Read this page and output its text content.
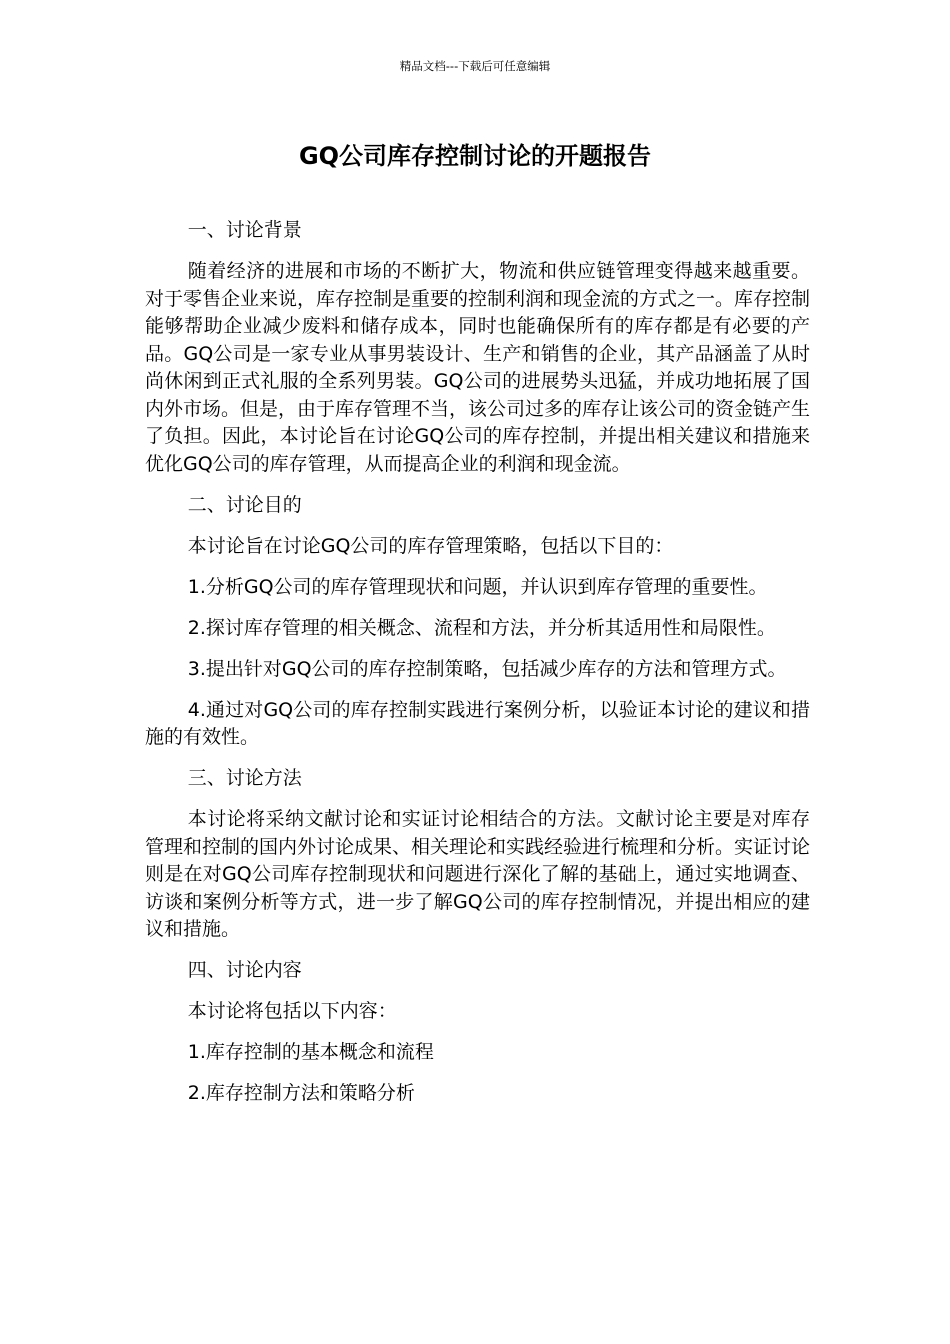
精品文档---下载后可任意编辑
GQ公司库存控制讨论的开题报告

一、讨论背景

随着经济的进展和市场的不断扩大，物流和供应链管理变得越来越重要。对于零售企业来说，库存控制是重要的控制利润和现金流的方式之一。库存控制能够帮助企业减少废料和储存成本，同时也能确保所有的库存都是有必要的产品。GQ公司是一家专业从事男装设计、生产和销售的企业，其产品涵盖了从时尚休闲到正式礼服的全系列男装。GQ公司的进展势头迅猛，并成功地拓展了国内外市场。但是，由于库存管理不当，该公司过多的库存让该公司的资金链产生了负担。因此，本讨论旨在讨论GQ公司的库存控制，并提出相关建议和措施来优化GQ公司的库存管理，从而提高企业的利润和现金流。

二、讨论目的

本讨论旨在讨论GQ公司的库存管理策略，包括以下目的：

1.分析GQ公司的库存管理现状和问题，并认识到库存管理的重要性。

2.探讨库存管理的相关概念、流程和方法，并分析其适用性和局限性。

3.提出针对GQ公司的库存控制策略，包括减少库存的方法和管理方式。

4.通过对GQ公司的库存控制实践进行案例分析，以验证本讨论的建议和措施的有效性。

三、讨论方法

本讨论将采纳文献讨论和实证讨论相结合的方法。文献讨论主要是对库存管理和控制的国内外讨论成果、相关理论和实践经验进行梳理和分析。实证讨论则是在对GQ公司库存控制现状和问题进行深化了解的基础上，通过实地调查、访谈和案例分析等方式，进一步了解GQ公司的库存控制情况，并提出相应的建议和措施。

四、讨论内容

本讨论将包括以下内容：

1.库存控制的基本概念和流程

2.库存控制方法和策略分析
